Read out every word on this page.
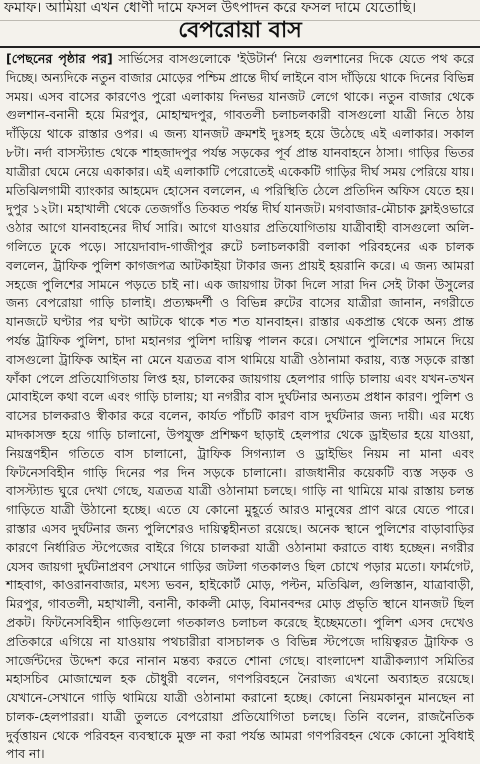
ফমাফ। আমিয়া এখন ধোণী দামে ফসল উৎপাদন করে ফসল দামে যেতোছি।
বেপরোয়া বাস

[পেছনের পৃষ্ঠার পর] সার্ভিসের বাসগুলোকে 'ইউটার্ন' নিয়ে গুলশানের দিকে যেতে পথ করে দিচ্ছে। অন্যদিকে নতুন বাজার মোড়ের পশ্চিম প্রান্তে দীর্ঘ লাইনে বাস দাঁড়িয়ে থাকে দিনের বিভিন্ন সময়। এসব বাসের কারণেও পুরো এলাকায় দিনভর যানজট লেগে থাকে। নতুন বাজার থেকে গুলশান-বনানী হয়ে মিরপুর, মোহাম্মদপুর, গাবতলী চলাচলকারী বাসগুলো যাত্রী নিতে ঠায় দাঁড়িয়ে থাকে রাস্তার ওপর। এ জন্য যানজট ক্রমশই দুঃসহ হয়ে উঠেছে এই এলাকার। সকাল ৮টা। নর্দা বাসস্ট্যান্ড থেকে শাহজাদপুর পর্যন্ত সড়কের পূর্ব প্রান্ত যানবাহনে ঠাসা। গাড়ির ভিতর যাত্রীরা ঘেমে নেয়ে একাকার। এই এলাকাটি পেরোতেই একেকটি গাড়ির দীর্ঘ সময় পেরিয়ে যায়। মতিঝিলগামী ব্যাংকার আহমেদ হোসেন বললেন, এ পরিস্থিতি ঠেলে প্রতিদিন অফিস যেতে হয়। দুপুর ১২টা। মহাখালী থেকে তেজগাঁও তিব্বত পর্যন্ত দীর্ঘ যানজট। মগবাজার-মৌচাক ফ্লাইওভারে ওঠার আগে যানবাহনের দীর্ঘ সারি। আগে যাওয়ার প্রতিযোগিতায় যাত্রীবাহী বাসগুলো অলি-গলিতে ঢুকে পড়ে। সায়েদাবাদ-গাজীপুর রুটে চলাচলকারী বলাকা পরিবহনের এক চালক বললেন, ট্রাফিক পুলিশ কাগজপত্র আটকাইয়া টাকার জন্য প্রায়ই হয়রানি করে। এ জন্য আমরা সহজে পুলিশের সামনে পড়তে চাই না। এক জায়গায় টাকা দিলে সারা দিন সেই টাকা উসুলের জন্য বেপরোয়া গাড়ি চালাই। প্রত্যক্ষদর্শী ও বিভিন্ন রুটের বাসের যাত্রীরা জানান, নগরীতে যানজটে ঘণ্টার পর ঘণ্টা আটকে থাকে শত শত যানবাহন। রাস্তার একপ্রান্ত থেকে অন্য প্রান্ত পর্যন্ত ট্রাফিক পুলিশ, চাদা মহানগর পুলিশ দায়িত্ব পালন করে। সেখানে পুলিশের সামনে দিয়ে বাসগুলো ট্রাফিক আইন না মেনে যত্রতত্র বাস থামিয়ে যাত্রী ওঠানামা করায়, ব্যস্ত সড়কে রাস্তা ফাঁকা পেলে প্রতিযোগিতায় লিপ্ত হয়, চালকের জায়গায় হেলপার গাড়ি চালায় এবং যখন-তখন মোবাইলে কথা বলে এবং গাড়ি চালায়; যা নগরীর বাস দুর্ঘটনার অন্যতম প্রধান কারণ। পুলিশ ও বাসের চালকরাও স্বীকার করে বলেন, কার্যত পাঁচটি কারণ বাস দুর্ঘটনার জন্য দায়ী। এর মধ্যে মাদকাসক্ত হয়ে গাড়ি চালানো, উপযুক্ত প্রশিক্ষণ ছাড়াই হেলপার থেকে ড্রাইভার হয়ে যাওয়া, নিয়ন্ত্রণহীন গতিতে বাস চালানো, ট্রাফিক সিগন্যাল ও ড্রাইভিং নিয়ম না মানা এবং ফিটনেসবিহীন গাড়ি দিনের পর দিন সড়কে চালানো। রাজধানীর কয়েকটি ব্যস্ত সড়ক ও বাসস্ট্যান্ড ঘুরে দেখা গেছে, যত্রতত্র যাত্রী ওঠানামা চলছে। গাড়ি না থামিয়ে মাঝ রাস্তায় চলন্ত গাড়িতে যাত্রী উঠানো হচ্ছে। এতে যে কোনো মুহূর্তে আরও মানুষের প্রাণ ঝরে যেতে পারে। রাস্তার এসব দুর্ঘটনার জন্য পুলিশেরও দায়িত্বহীনতা রয়েছে। অনেক স্থানে পুলিশের বাড়াবাড়ির কারণে নির্ধারিত স্টপেজের বাইরে গিয়ে চালকরা যাত্রী ওঠানামা করাতে বাধ্য হচ্ছেন। নগরীর যেসব জায়গা দুর্ঘটনাপ্রবণ সেখানে গাড়ির জটলা গতকালও ছিল চোখে পড়ার মতো। ফার্মগেট, শাহবাগ, কাওরানবাজার, মৎস্য ভবন, হাইকোর্ট মোড়, পল্টন, মতিঝিল, গুলিস্তান, যাত্রাবাড়ী, মিরপুর, গাবতলী, মহাখালী, বনানী, কাকলী মোড়, বিমানবন্দর মোড় প্রভৃতি স্থানে যানজট ছিল প্রকট। ফিটনেসবিহীন গাড়িগুলো গতকালও চলাচল করেছে ইচ্ছেমতো। পুলিশ এসব দেখেও প্রতিকারে এগিয়ে না যাওয়ায় পথচারীরা বাসচালক ও বিভিন্ন স্টপেজে দায়িত্বরত ট্রাফিক ও সার্জেন্টদের উদ্দেশ করে নানান মন্তব্য করতে শোনা গেছে। বাংলাদেশ যাত্রীকল্যাণ সমিতির মহাসচিব মোজাম্মেল হক চৌধুরী বলেন, গণপরিবহনে নৈরাজ্য এখনো অব্যাহত রয়েছে। যেখানে-সেখানে গাড়ি থামিয়ে যাত্রী ওঠানামা করানো হচ্ছে। কোনো নিয়মকানুন মানছেন না চালক-হেলপাররা। যাত্রী তুলতে বেপরোয়া প্রতিযোগিতা চলছে। তিনি বলেন, রাজনৈতিক দুর্বৃত্তায়ন থেকে পরিবহন ব্যবস্থাকে মুক্ত না করা পর্যন্ত আমরা গণপরিবহন থেকে কোনো সুবিধাই পাব না।
